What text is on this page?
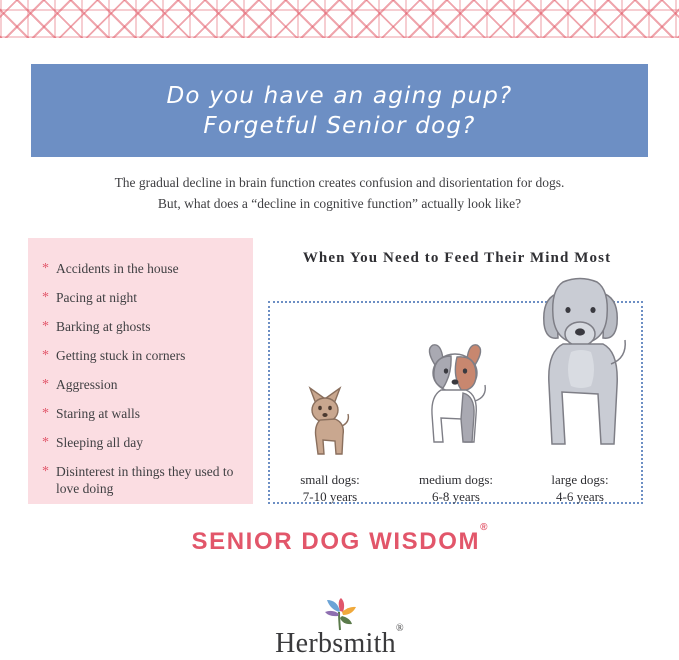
Do you have an aging pup?
Forgetful Senior dog?
The gradual decline in brain function creates confusion and disorientation for dogs.
But, what does a “decline in cognitive function” actually look like?
* Accidents in the house
* Pacing at night
* Barking at ghosts
* Getting stuck in corners
* Aggression
* Staring at walls
* Sleeping all day
* Disinterest in things they used to love doing
When You Need to Feed Their Mind Most
small dogs:
7-10 years
medium dogs:
6-8 years
large dogs:
4-6 years
SENIOR DOG WISDOM®
Herbsmith®
